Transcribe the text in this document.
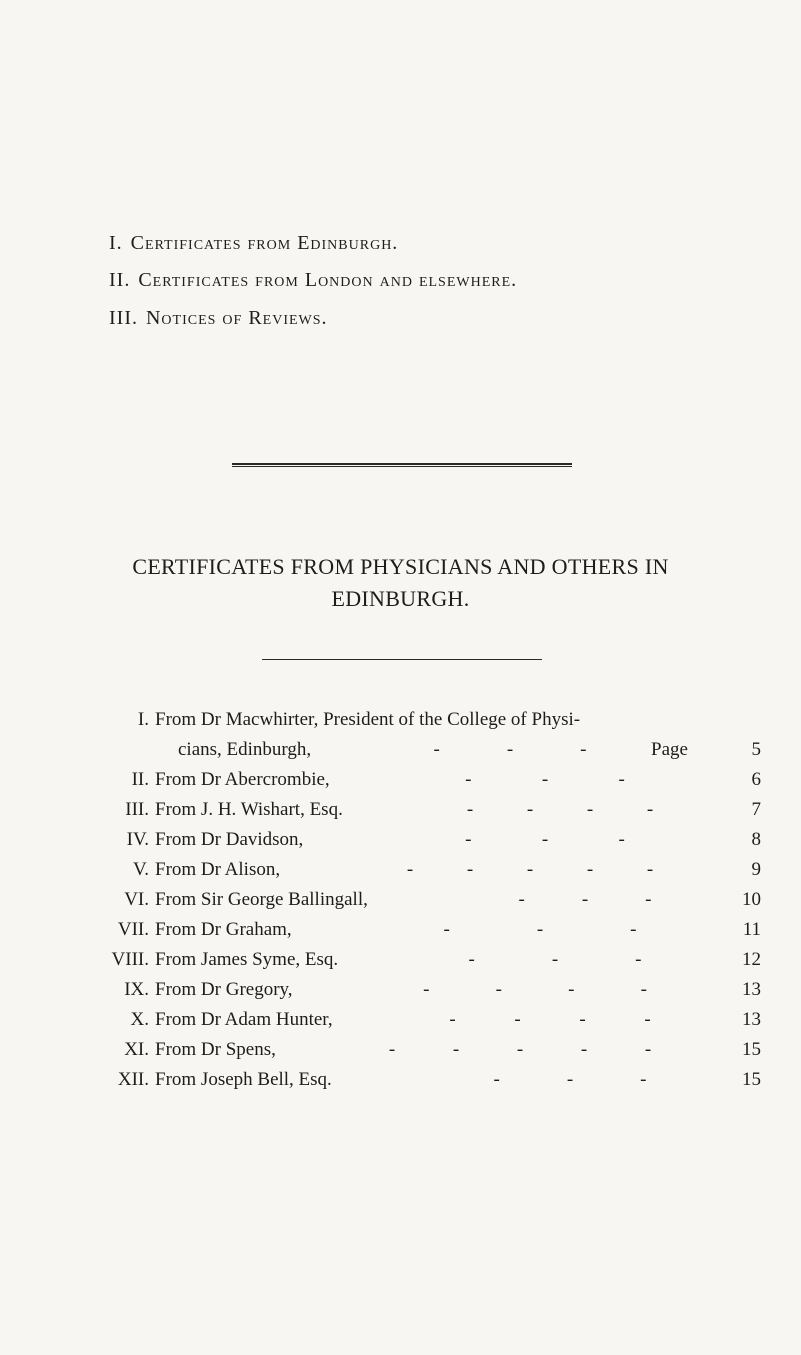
I. Certificates from Edinburgh.
II. Certificates from London and elsewhere.
III. Notices of Reviews.
CERTIFICATES FROM PHYSICIANS AND OTHERS IN
EDINBURGH.
I. From Dr Macwhirter, President of the College of Physi-
cians, Edinburgh,	-	-	-	Page	5
II. From Dr Abercrombie,	-	-	-	6
III. From J. H. Wishart, Esq.	-	-	-	-	7
IV. From Dr Davidson,	-	-	-	8
V. From Dr Alison,	-	-	-	-	-	9
VI. From Sir George Ballingall,	-	-	-	10
VII. From Dr Graham,	-	-	-	11
VIII. From James Syme, Esq.	-	-	-	12
IX. From Dr Gregory,	-	-	-	-	13
X. From Dr Adam Hunter,	-	-	-	-	13
XI. From Dr Spens,	-	-	-	-	-	15
XII. From Joseph Bell, Esq.	-	-	-	15
